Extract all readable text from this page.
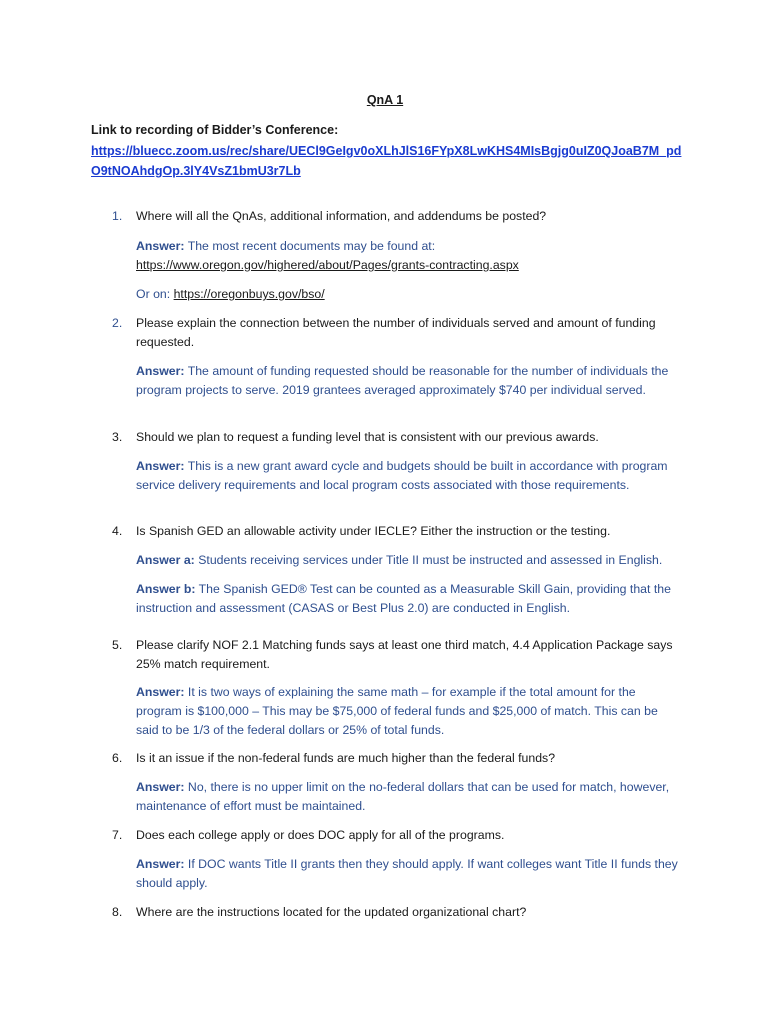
QnA 1
Link to recording of Bidder’s Conference:
https://bluecc.zoom.us/rec/share/UECl9GeIgv0oXLhJlS16FYpX8LwKHS4MIsBgjg0uIZ0QJoaB7M_pdO9tNOAhdgOp.3lY4VsZ1bmU3r7Lb
1. Where will all the QnAs, additional information, and addendums be posted?
Answer: The most recent documents may be found at:
https://www.oregon.gov/highered/about/Pages/grants-contracting.aspx
Or on: https://oregonbuys.gov/bso/
2. Please explain the connection between the number of individuals served and amount of funding requested.
Answer: The amount of funding requested should be reasonable for the number of individuals the program projects to serve. 2019 grantees averaged approximately $740 per individual served.
3. Should we plan to request a funding level that is consistent with our previous awards.
Answer: This is a new grant award cycle and budgets should be built in accordance with program service delivery requirements and local program costs associated with those requirements.
4. Is Spanish GED an allowable activity under IECLE? Either the instruction or the testing.
Answer a: Students receiving services under Title II must be instructed and assessed in English.
Answer b: The Spanish GED® Test can be counted as a Measurable Skill Gain, providing that the instruction and assessment (CASAS or Best Plus 2.0) are conducted in English.
5. Please clarify NOF 2.1 Matching funds says at least one third match, 4.4 Application Package says 25% match requirement.
Answer: It is two ways of explaining the same math – for example if the total amount for the program is $100,000 – This may be $75,000 of federal funds and $25,000 of match. This can be said to be 1/3 of the federal dollars or 25% of total funds.
6. Is it an issue if the non-federal funds are much higher than the federal funds?
Answer: No, there is no upper limit on the no-federal dollars that can be used for match, however, maintenance of effort must be maintained.
7. Does each college apply or does DOC apply for all of the programs.
Answer: If DOC wants Title II grants then they should apply. If want colleges want Title II funds they should apply.
8. Where are the instructions located for the updated organizational chart?
